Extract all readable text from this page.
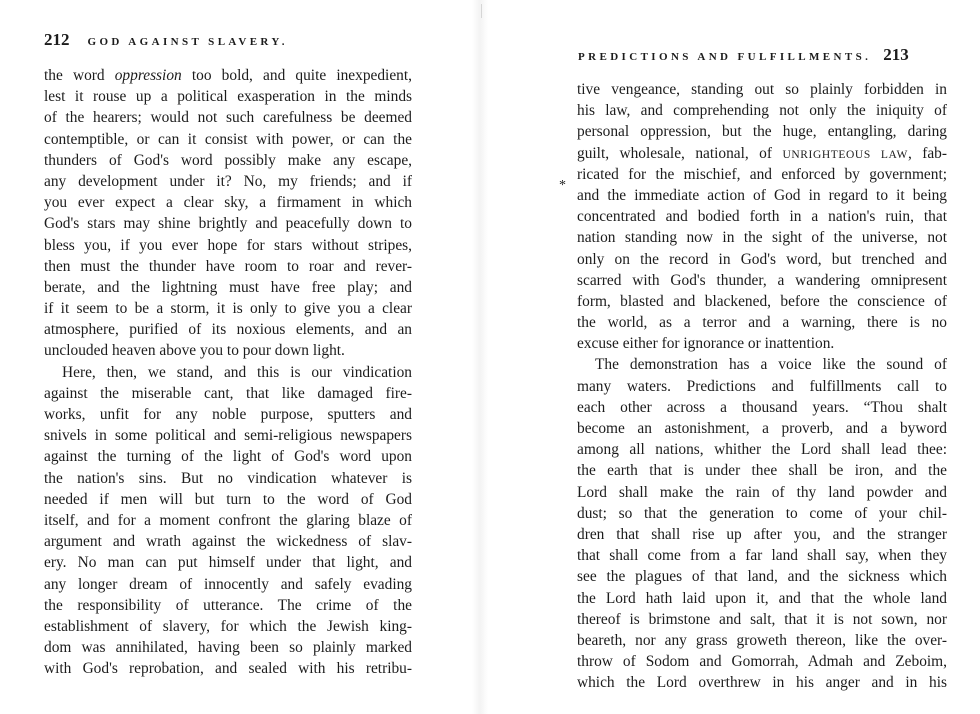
212 GOD AGAINST SLAVERY.
the word oppression too bold, and quite inexpedient,
lest it rouse up a political exasperation in the minds
of the hearers; would not such carefulness be deemed
contemptible, or can it consist with power, or can the
thunders of God's word possibly make any escape,
any development under it? No, my friends; and if
you ever expect a clear sky, a firmament in which
God's stars may shine brightly and peacefully down to
bless you, if you ever hope for stars without stripes,
then must the thunder have room to roar and rever-
berate, and the lightning must have free play; and
if it seem to be a storm, it is only to give you a clear
atmosphere, purified of its noxious elements, and an
unclouded heaven above you to pour down light.
Here, then, we stand, and this is our vindication
against the miserable cant, that like damaged fire-
works, unfit for any noble purpose, sputters and
snivels in some political and semi-religious newspapers
against the turning of the light of God's word upon
the nation's sins. But no vindication whatever is
needed if men will but turn to the word of God
itself, and for a moment confront the glaring blaze of
argument and wrath against the wickedness of slav-
ery. No man can put himself under that light, and
any longer dream of innocently and safely evading
the responsibility of utterance. The crime of the
establishment of slavery, for which the Jewish king-
dom was annihilated, having been so plainly marked
with God's reprobation, and sealed with his retribu-
PREDICTIONS AND FULFILLMENTS. 213
*
tive vengeance, standing out so plainly forbidden in
his law, and comprehending not only the iniquity of
personal oppression, but the huge, entangling, daring
guilt, wholesale, national, of UNRIGHTEOUS LAW, fab-
ricated for the mischief, and enforced by government;
and the immediate action of God in regard to it being
concentrated and bodied forth in a nation's ruin, that
nation standing now in the sight of the universe, not
only on the record in God's word, but trenched and
scarred with God's thunder, a wandering omnipresent
form, blasted and blackened, before the conscience of
the world, as a terror and a warning, there is no
excuse either for ignorance or inattention.
The demonstration has a voice like the sound of
many waters. Predictions and fulfillments call to
each other across a thousand years. “Thou shalt
become an astonishment, a proverb, and a byword
among all nations, whither the Lord shall lead thee:
the earth that is under thee shall be iron, and the
Lord shall make the rain of thy land powder and
dust; so that the generation to come of your chil-
dren that shall rise up after you, and the stranger
that shall come from a far land shall say, when they
see the plagues of that land, and the sickness which
the Lord hath laid upon it, and that the whole land
thereof is brimstone and salt, that it is not sown, nor
beareth, nor any grass groweth thereon, like the over-
throw of Sodom and Gomorrah, Admah and Zeboim,
which the Lord overthrew in his anger and in his
